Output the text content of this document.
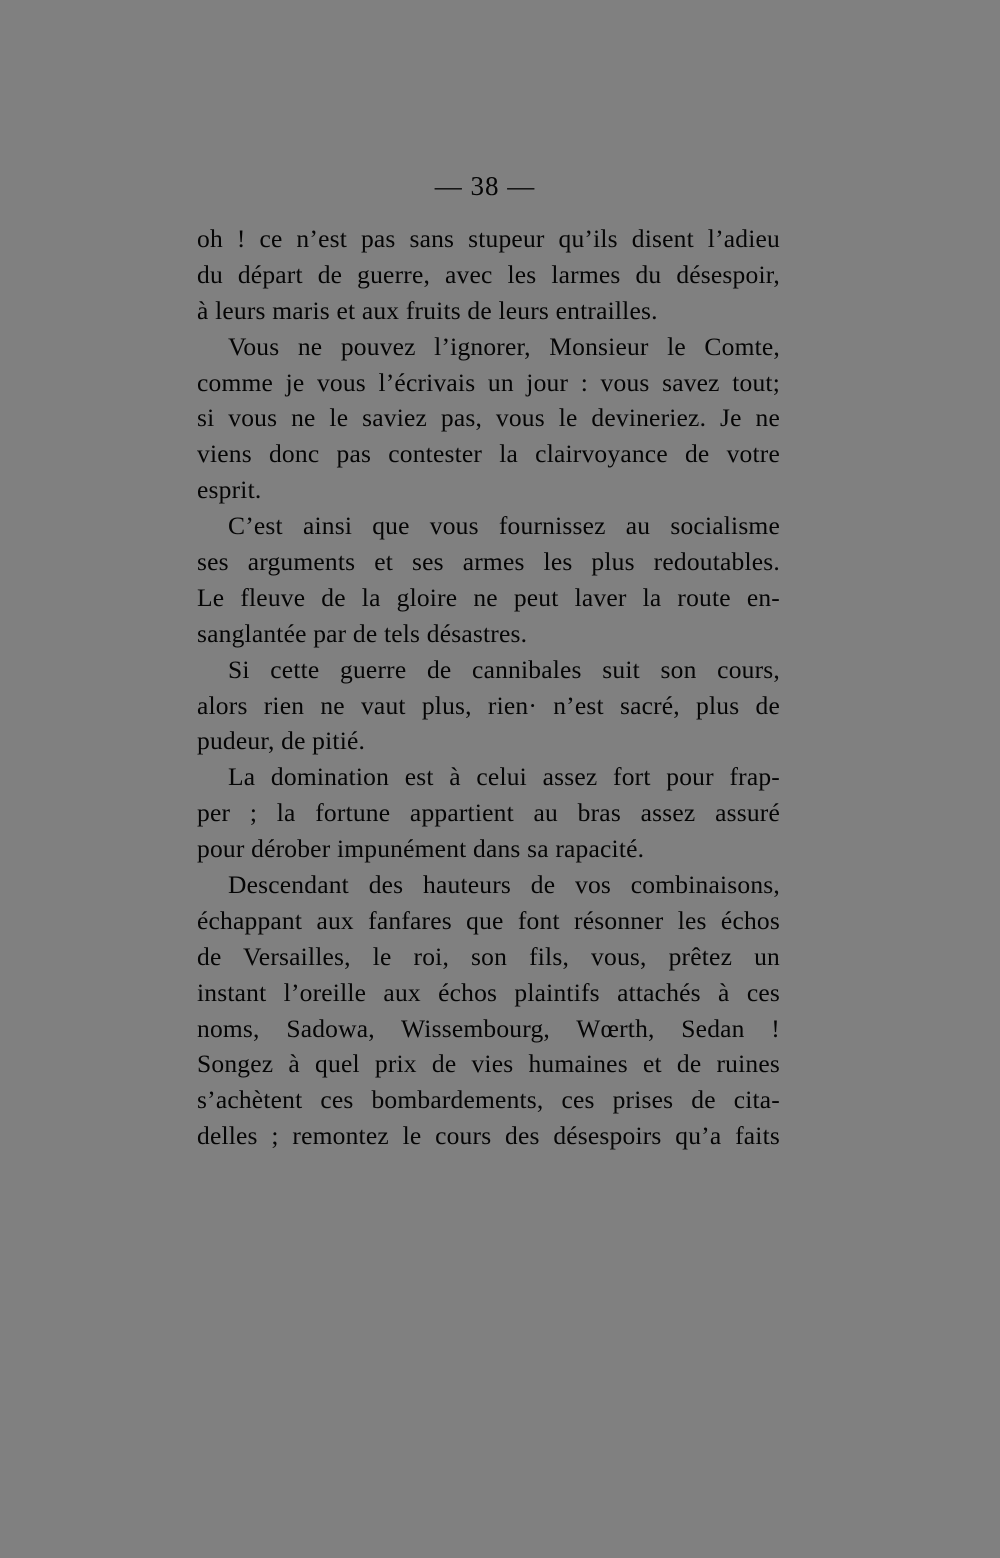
— 38 —
oh ! ce n’est pas sans stupeur qu’ils disent l’adieu
du départ de guerre, avec les larmes du désespoir,
à leurs maris et aux fruits de leurs entrailles.
Vous ne pouvez l’ignorer, Monsieur le Comte,
comme je vous l’écrivais un jour : vous savez tout;
si vous ne le saviez pas, vous le devineriez. Je ne
viens donc pas contester la clairvoyance de votre
esprit.
C’est ainsi que vous fournissez au socialisme
ses arguments et ses armes les plus redoutables.
Le fleuve de la gloire ne peut laver la route en-
sanglantée par de tels désastres.
Si cette guerre de cannibales suit son cours,
alors rien ne vaut plus, rien· n’est sacré, plus de
pudeur, de pitié.
La domination est à celui assez fort pour frap-
per ; la fortune appartient au bras assez assuré
pour dérober impunément dans sa rapacité.
Descendant des hauteurs de vos combinaisons,
échappant aux fanfares que font résonner les échos
de Versailles, le roi, son fils, vous, prêtez un
instant l’oreille aux échos plaintifs attachés à ces
noms, Sadowa, Wissembourg, Wœrth, Sedan !
Songez à quel prix de vies humaines et de ruines
s’achètent ces bombardements, ces prises de cita-
delles ; remontez le cours des désespoirs qu’a faits
